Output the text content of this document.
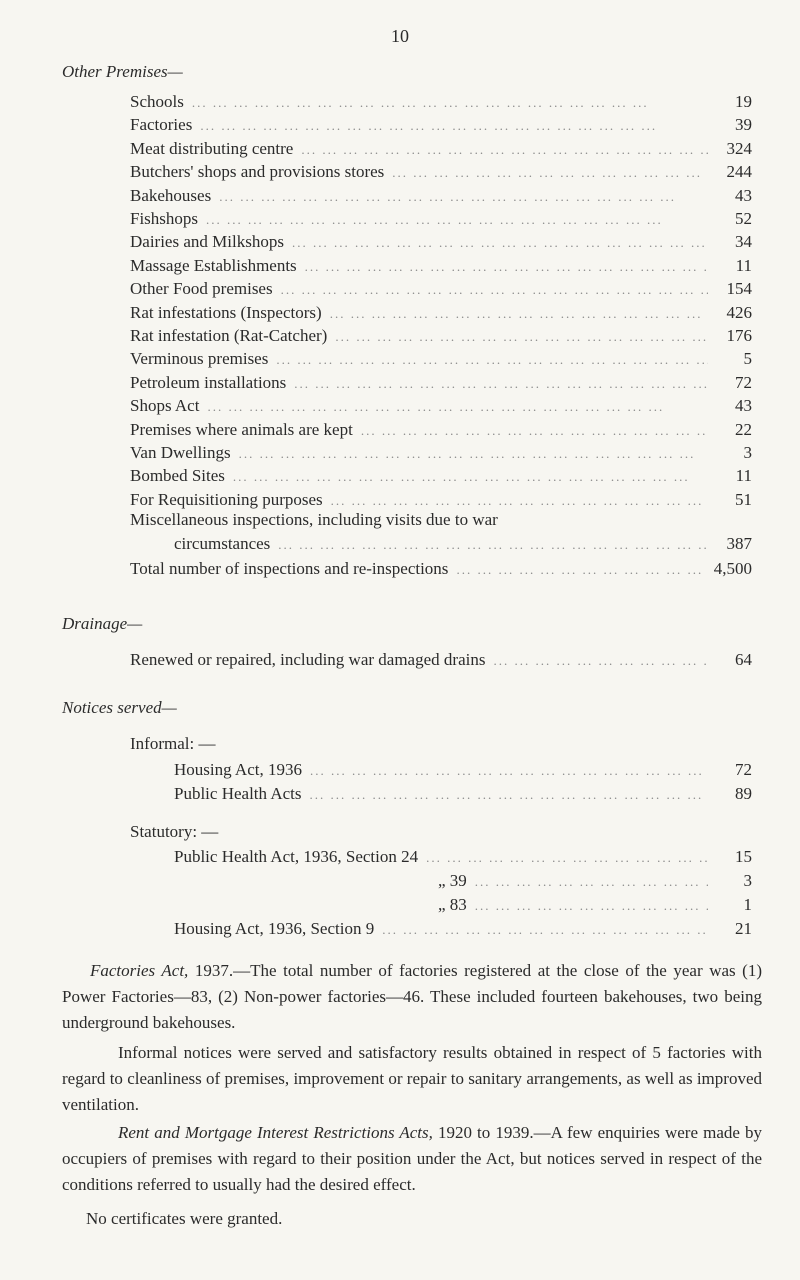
10
Other Premises—
Schools ... .	19
Factories ... .	39
Meat distributing centre ... .	324
Butchers' shops and provisions stores ... .	244
Bakehouses ... .	43
Fishshops ... .	52
Dairies and Milkshops ... .	34
Massage Establishments ... .	11
Other Food premises ... .	154
Rat infestations (Inspectors) ... .	426
Rat infestation (Rat-Catcher) ... .	176
Verminous premises ... .	5
Petroleum installations ... .	72
Shops Act ... .	43
Premises where animals are kept ... .	22
Van Dwellings ... .	3
Bombed Sites ... .	11
For Requisitioning purposes ... .	51
Miscellaneous inspections, including visits due to war
circumstances ... .	387
Total number of inspections and re-inspections ... .	4,500
Drainage—
Renewed or repaired, including war damaged drains ... .	64
Notices served—
Informal: —
Housing Act, 1936 ... .	72
Public Health Acts ... .	89
Statutory: —
Public Health Act, 1936, Section 24 ... .	15
„ 39 ... .	3
„ 83 ... .	1
Housing Act, 1936, Section 9 ... .	21
Factories Act, 1937.—The total number of factories registered at the close of the year was (1) Power Factories—83, (2) Non-power factories—46. These included fourteen bakehouses, two being underground bakehouses.
Informal notices were served and satisfactory results obtained in respect of 5 factories with regard to cleanliness of premises, improvement or repair to sanitary arrangements, as well as improved ventilation.
Rent and Mortgage Interest Restrictions Acts, 1920 to 1939.—A few enquiries were made by occupiers of premises with regard to their position under the Act, but notices served in respect of the conditions referred to usually had the desired effect.
No certificates were granted.
